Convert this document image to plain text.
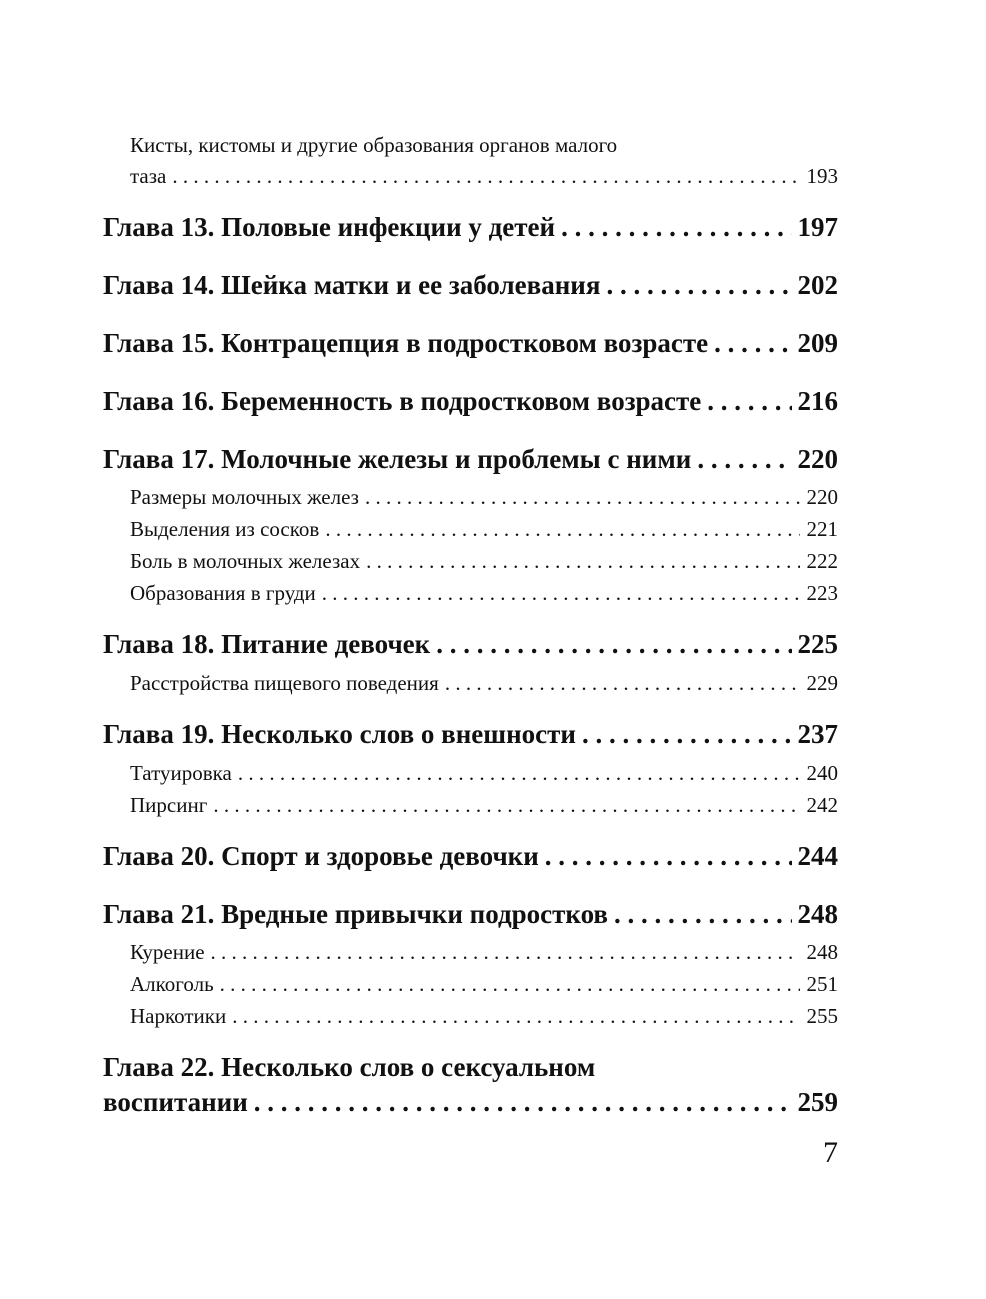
Кисты, кистомы и другие образования органов малого
таза . . .	193
Глава 13. Половые инфекции у детей . . .	197
Глава 14. Шейка матки и ее заболевания . . .	202
Глава 15. Контрацепция в подростковом возрасте . . .	209
Глава 16. Беременность в подростковом возрасте . . .	216
Глава 17. Молочные железы и проблемы с ними . . .	220
Размеры молочных желез . . .	220
Выделения из сосков . . .	221
Боль в молочных железах . . .	222
Образования в груди . . .	223
Глава 18. Питание девочек . . .	225
Расстройства пищевого поведения . . .	229
Глава 19. Несколько слов о внешности . . .	237
Татуировка . . .	240
Пирсинг . . .	242
Глава 20. Спорт и здоровье девочки . . .	244
Глава 21. Вредные привычки подростков . . .	248
Курение . . .	248
Алкоголь . . .	251
Наркотики . . .	255
Глава 22. Несколько слов о сексуальном
воспитании . . .	259
7
